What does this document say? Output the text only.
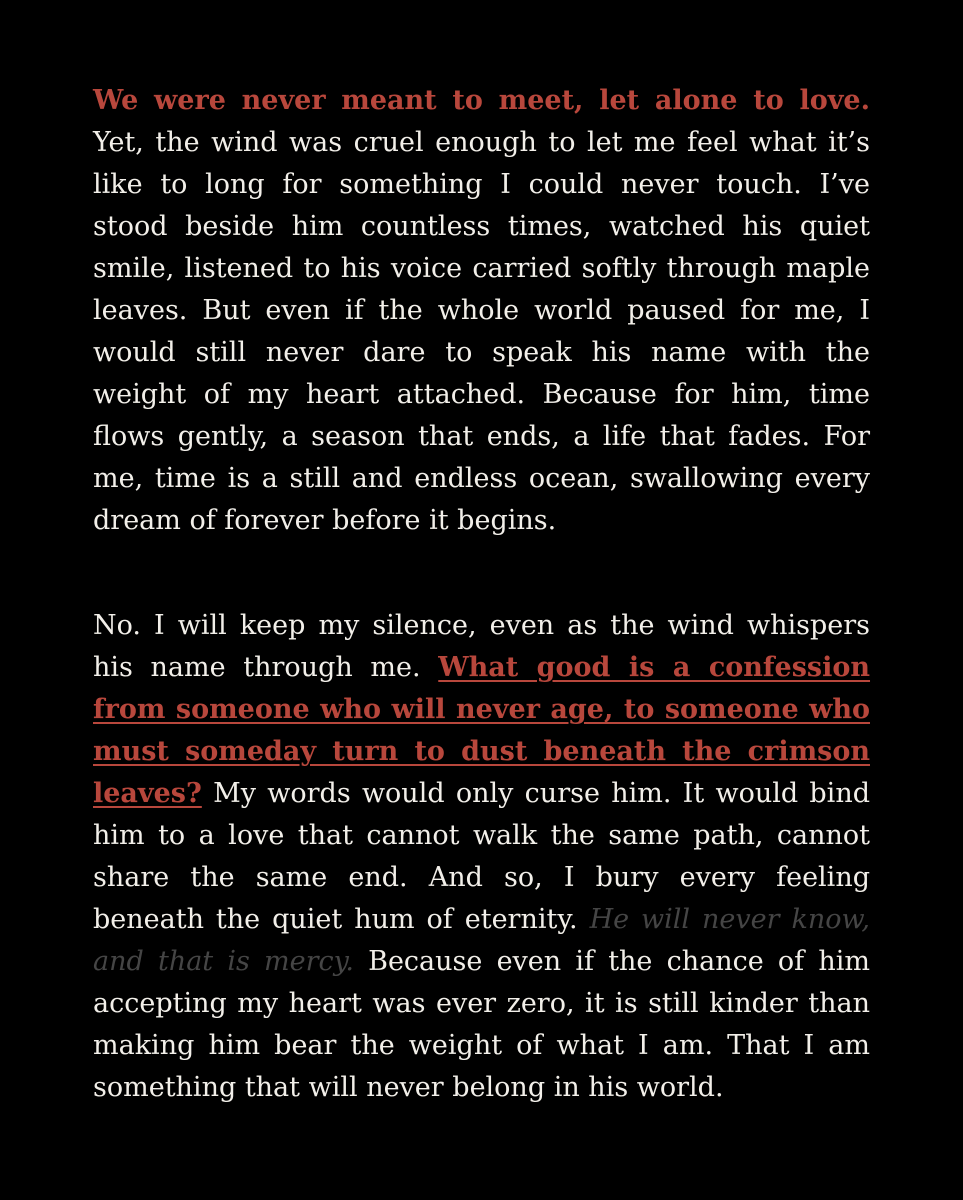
We were never meant to meet, let alone to love. Yet, the wind was cruel enough to let me feel what it’s like to long for something I could never touch. I’ve stood beside him countless times, watched his quiet smile, listened to his voice carried softly through maple leaves. But even if the whole world paused for me, I would still never dare to speak his name with the weight of my heart attached. Because for him, time flows gently, a season that ends, a life that fades. For me, time is a still and endless ocean, swallowing every dream of forever before it begins.

No. I will keep my silence, even as the wind whispers his name through me. What good is a confession from someone who will never age, to someone who must someday turn to dust beneath the crimson leaves? My words would only curse him. It would bind him to a love that cannot walk the same path, cannot share the same end. And so, I bury every feeling beneath the quiet hum of eternity. He will never know, and that is mercy. Because even if the chance of him accepting my heart was ever zero, it is still kinder than making him bear the weight of what I am. That I am something that will never belong in his world.
